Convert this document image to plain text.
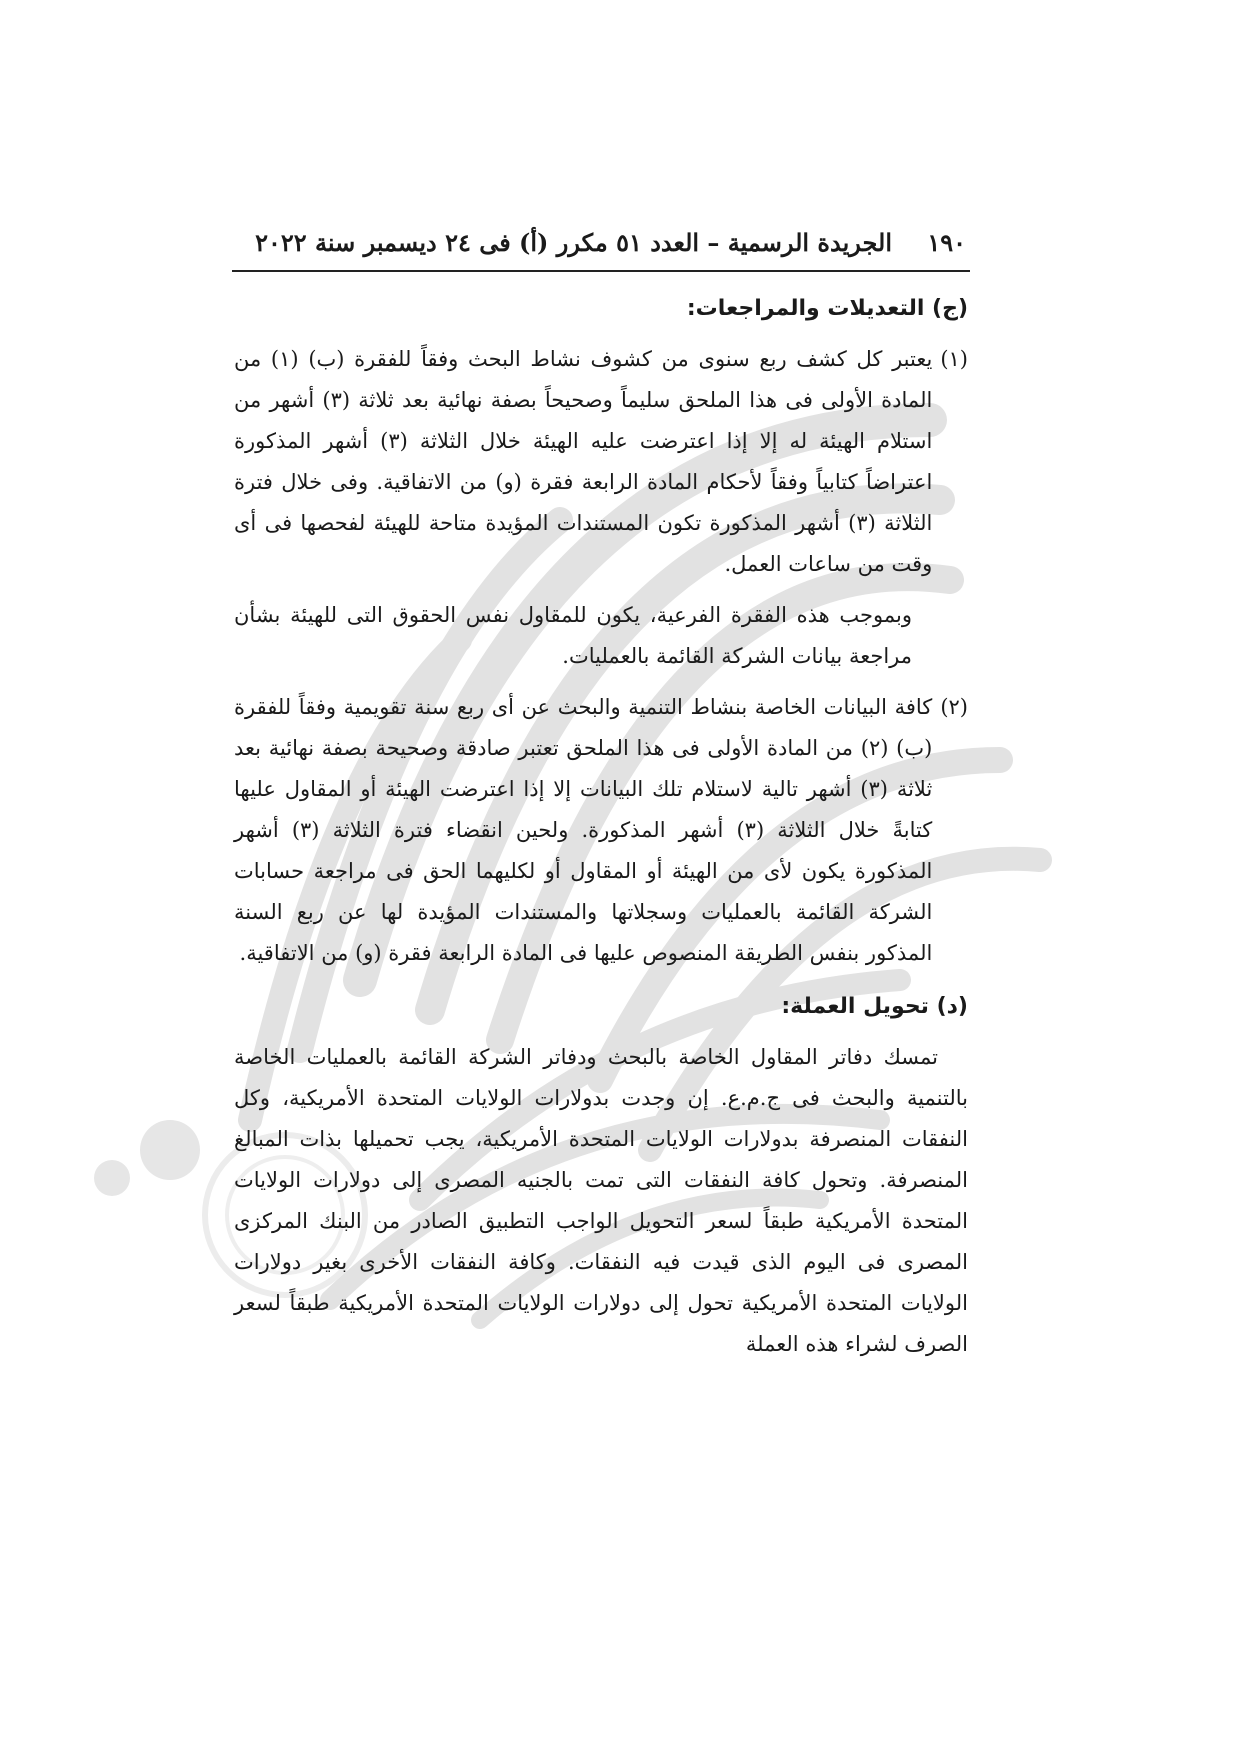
١٩٠
الجريدة الرسمية – العدد ٥١ مكرر (أ) فى ٢٤ ديسمبر سنة ٢٠٢٢
(ج) التعديلات والمراجعات:
(١)

يعتبر كل كشف ربع سنوى من كشوف نشاط البحث وفقاً للفقرة (ب) (١) من المادة الأولى فى هذا الملحق سليماً وصحيحاً بصفة نهائية بعد ثلاثة (٣) أشهر من استلام الهيئة له إلا إذا اعترضت عليه الهيئة خلال الثلاثة (٣) أشهر المذكورة اعتراضاً كتابياً وفقاً لأحكام المادة الرابعة فقرة (و) من الاتفاقية. وفى خلال فترة الثلاثة (٣) أشهر المذكورة تكون المستندات المؤيدة متاحة للهيئة لفحصها فى أى وقت من ساعات العمل.

وبموجب هذه الفقرة الفرعية، يكون للمقاول نفس الحقوق التى للهيئة بشأن مراجعة بيانات الشركة القائمة بالعمليات.

(٢)

كافة البيانات الخاصة بنشاط التنمية والبحث عن أى ربع سنة تقويمية وفقاً للفقرة (ب) (٢) من المادة الأولى فى هذا الملحق تعتبر صادقة وصحيحة بصفة نهائية بعد ثلاثة (٣) أشهر تالية لاستلام تلك البيانات إلا إذا اعترضت الهيئة أو المقاول عليها كتابةً خلال الثلاثة (٣) أشهر المذكورة. ولحين انقضاء فترة الثلاثة (٣) أشهر المذكورة يكون لأى من الهيئة أو المقاول أو لكليهما الحق فى مراجعة حسابات الشركة القائمة بالعمليات وسجلاتها والمستندات المؤيدة لها عن ربع السنة المذكور بنفس الطريقة المنصوص عليها فى المادة الرابعة فقرة (و) من الاتفاقية.

(د) تحويل العملة:

تمسك دفاتر المقاول الخاصة بالبحث ودفاتر الشركة القائمة بالعمليات الخاصة بالتنمية والبحث فى ج.م.ع. إن وجدت بدولارات الولايات المتحدة الأمريكية، وكل النفقات المنصرفة بدولارات الولايات المتحدة الأمريكية، يجب تحميلها بذات المبالغ المنصرفة. وتحول كافة النفقات التى تمت بالجنيه المصرى إلى دولارات الولايات المتحدة الأمريكية طبقاً لسعر التحويل الواجب التطبيق الصادر من البنك المركزى المصرى فى اليوم الذى قيدت فيه النفقات. وكافة النفقات الأخرى بغير دولارات الولايات المتحدة الأمريكية تحول إلى دولارات الولايات المتحدة الأمريكية طبقاً لسعر الصرف لشراء هذه العملة
